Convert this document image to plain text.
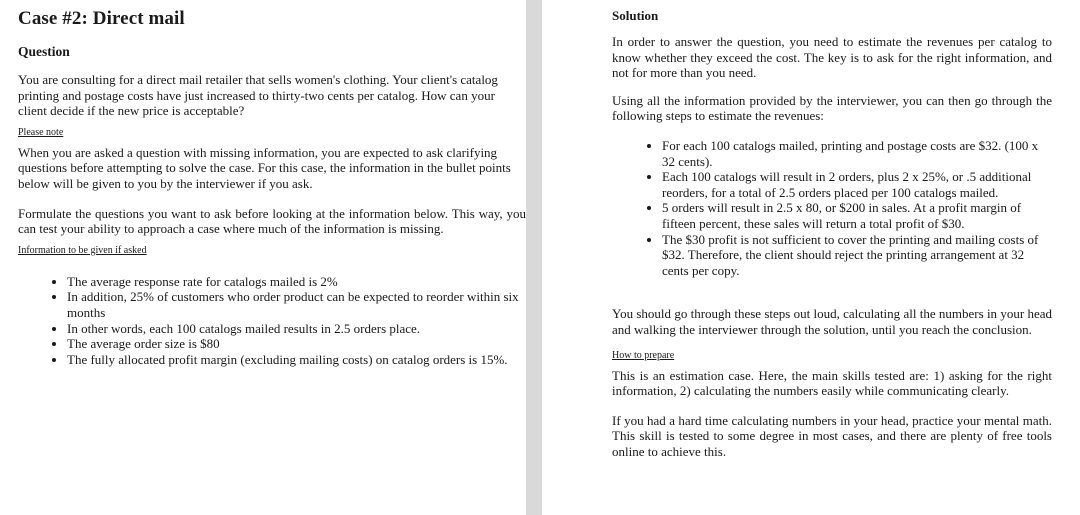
Case #2: Direct mail
Question

You are consulting for a direct mail retailer that sells women's clothing. Your client's catalog printing and postage costs have just increased to thirty-two cents per catalog. How can your client decide if the new price is acceptable?

Please note

When you are asked a question with missing information, you are expected to ask clarifying questions before attempting to solve the case. For this case, the information in the bullet points below will be given to you by the interviewer if you ask.

Formulate the questions you want to ask before looking at the information below. This way, you can test your ability to approach a case where much of the information is missing.

Information to be given if asked
• The average response rate for catalogs mailed is 2%
• In addition, 25% of customers who order product can be expected to reorder within six months
• In other words, each 100 catalogs mailed results in 2.5 orders place.
• The average order size is $80
• The fully allocated profit margin (excluding mailing costs) on catalog orders is 15%.
Solution

In order to answer the question, you need to estimate the revenues per catalog to know whether they exceed the cost. The key is to ask for the right information, and not for more than you need.

Using all the information provided by the interviewer, you can then go through the following steps to estimate the revenues:

• For each 100 catalogs mailed, printing and postage costs are $32. (100 x 32 cents).
• Each 100 catalogs will result in 2 orders, plus 2 x 25%, or .5 additional reorders, for a total of 2.5 orders placed per 100 catalogs mailed.
• 5 orders will result in 2.5 x 80, or $200 in sales. At a profit margin of fifteen percent, these sales will return a total profit of $30.
• The $30 profit is not sufficient to cover the printing and mailing costs of $32. Therefore, the client should reject the printing arrangement at 32 cents per copy.

You should go through these steps out loud, calculating all the numbers in your head and walking the interviewer through the solution, until you reach the conclusion.

How to prepare

This is an estimation case. Here, the main skills tested are: 1) asking for the right information, 2) calculating the numbers easily while communicating clearly.

If you had a hard time calculating numbers in your head, practice your mental math. This skill is tested to some degree in most cases, and there are plenty of free tools online to achieve this.
